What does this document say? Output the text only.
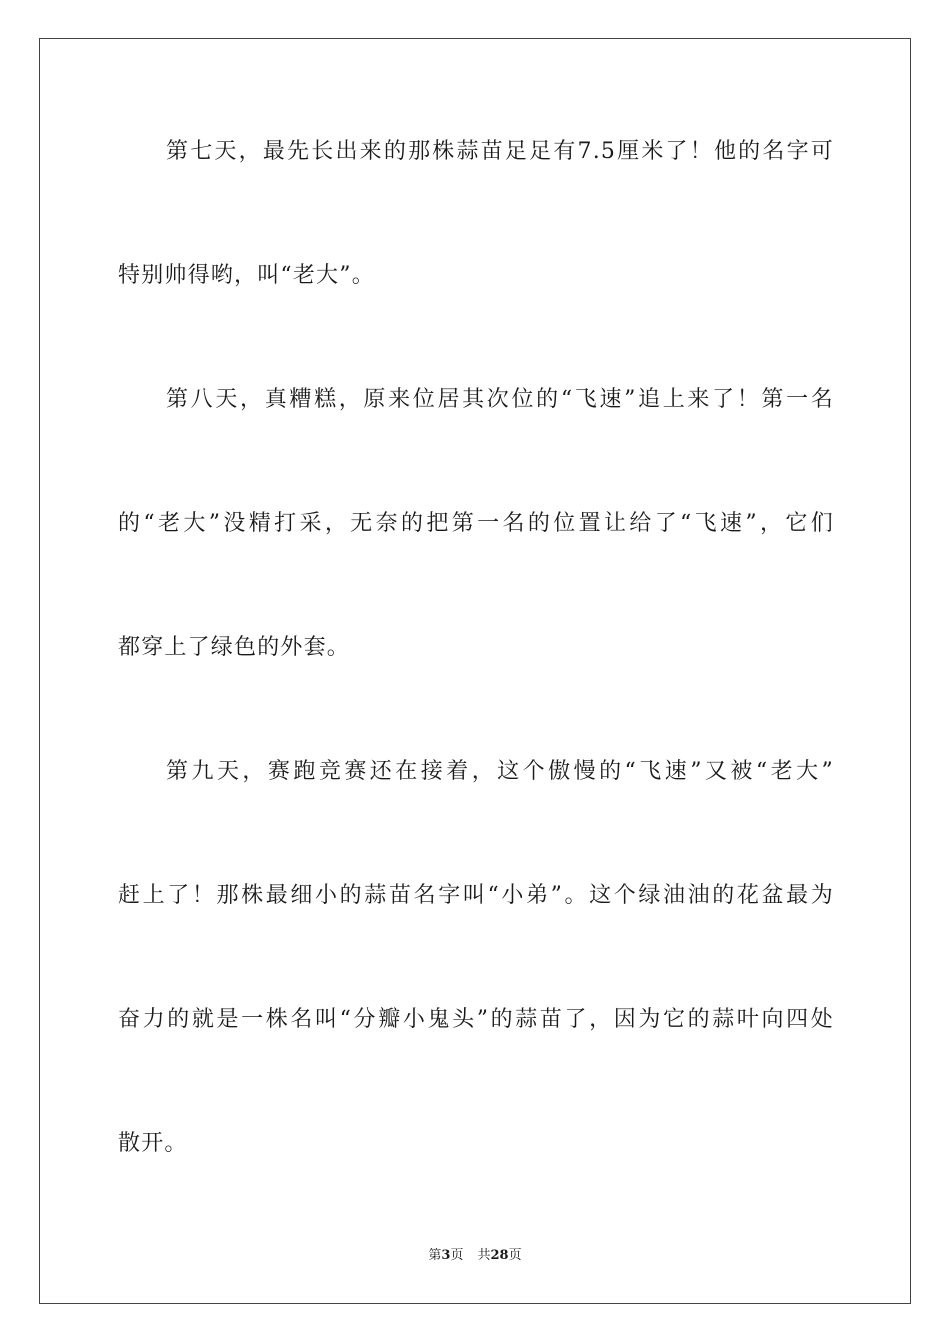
第七天，最先长出来的那株蒜苗足足有7.5厘米了！他的名字可
特别帅得哟，叫“老大”。
第八天，真糟糕，原来位居其次位的“飞速”追上来了！第一名
的“老大”没精打采，无奈的把第一名的位置让给了“飞速”，它们
都穿上了绿色的外套。
第九天，赛跑竞赛还在接着，这个傲慢的“飞速”又被“老大”
赶上了！那株最细小的蒜苗名字叫“小弟”。这个绿油油的花盆最为
奋力的就是一株名叫“分瓣小鬼头”的蒜苗了，因为它的蒜叶向四处
散开。
第3页 共28页
